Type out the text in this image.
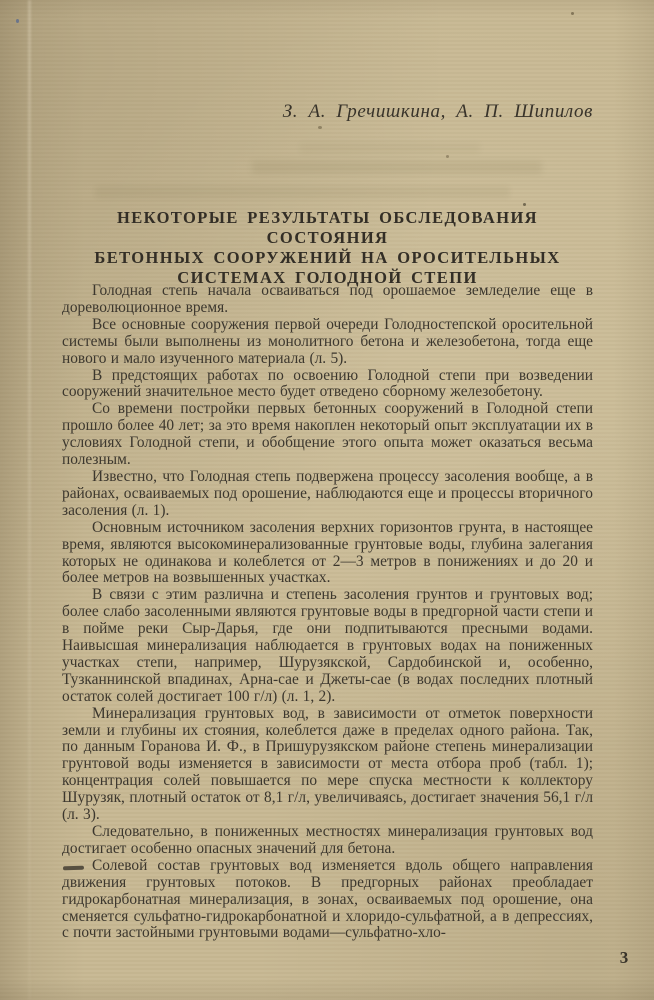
З. А. Гречишкина, А. П. Шипилов
НЕКОТОРЫЕ РЕЗУЛЬТАТЫ ОБСЛЕДОВАНИЯ СОСТОЯНИЯ
БЕТОННЫХ СООРУЖЕНИЙ НА ОРОСИТЕЛЬНЫХ
СИСТЕМАХ ГОЛОДНОЙ СТЕПИ

Голодная степь начала осваиваться под орошаемое земледелие еще в дореволюционное время.

Все основные сооружения первой очереди Голодностепской оросительной системы были выполнены из монолитного бетона и железобетона, тогда еще нового и мало изученного материала (л. 5).

В предстоящих работах по освоению Голодной степи при возведении сооружений значительное место будет отведено сборному железобетону.

Со времени постройки первых бетонных сооружений в Голодной степи прошло более 40 лет; за это время накоплен некоторый опыт эксплуатации их в условиях Голодной степи, и обобщение этого опыта может оказаться весьма полезным.

Известно, что Голодная степь подвержена процессу засоления вообще, а в районах, осваиваемых под орошение, наблюдаются еще и процессы вторичного засоления (л. 1).

Основным источником засоления верхних горизонтов грунта, в настоящее время, являются высокоминерализованные грунтовые воды, глубина залегания которых не одинакова и колеблется от 2—3 метров в понижениях и до 20 и более метров на возвышенных участках.

В связи с этим различна и степень засоления грунтов и грунтовых вод; более слабо засоленными являются грунтовые воды в предгорной части степи и в пойме реки Сыр-Дарья, где они подпитываются пресными водами. Наивысшая минерализация наблюдается в грунтовых водах на пониженных участках степи, например, Шурузякской, Сардобинской и, особенно, Тузканнинской впадинах, Арна-сае и Джеты-сае (в водах последних плотный остаток солей достигает 100 г/л) (л. 1, 2).

Минерализация грунтовых вод, в зависимости от отметок поверхности земли и глубины их стояния, колеблется даже в пределах одного района. Так, по данным Горанова И. Ф., в Пришурузякском районе степень минерализации грунтовой воды изменяется в зависимости от места отбора проб (табл. 1); концентрация солей повышается по мере спуска местности к коллектору Шурузяк, плотный остаток от 8,1 г/л, увеличиваясь, достигает значения 56,1 г/л (л. 3).

Следовательно, в пониженных местностях минерализация грунтовых вод достигает особенно опасных значений для бетона.

Солевой состав грунтовых вод изменяется вдоль общего направления движения грунтовых потоков. В предгорных районах преобладает гидрокарбонатная минерализация, в зонах, осваиваемых под орошение, она сменяется сульфатно-гидрокарбонатной и хлоридо-сульфатной, а в депрессиях, с почти застойными грунтовыми водами—сульфатно-хло-

3
